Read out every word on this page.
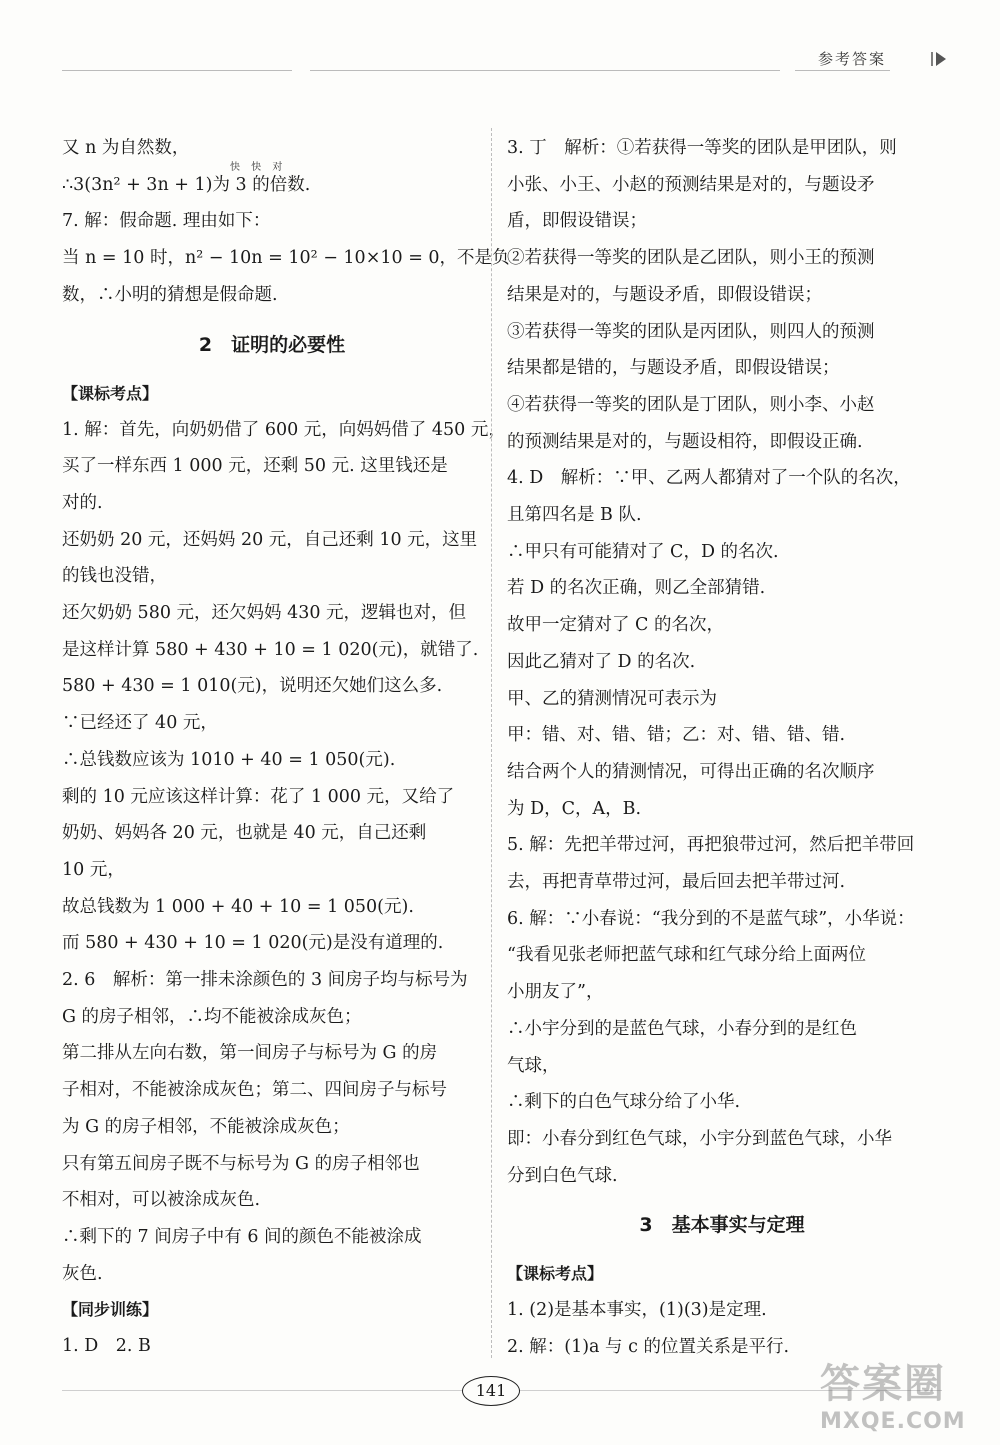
参考答案
快 快 对
又 n 为自然数，
∴3(3n² + 3n + 1)为 3 的倍数.
7. 解：假命题. 理由如下：
当 n = 10 时，n² − 10n = 10² − 10×10 = 0，不是负
数，∴小明的猜想是假命题.
2　证明的必要性
【课标考点】
1. 解：首先，向奶奶借了 600 元，向妈妈借了 450 元，
买了一样东西 1 000 元，还剩 50 元. 这里钱还是
对的.
还奶奶 20 元，还妈妈 20 元，自己还剩 10 元，这里
的钱也没错，
还欠奶奶 580 元，还欠妈妈 430 元，逻辑也对，但
是这样计算 580 + 430 + 10 = 1 020(元)，就错了.
580 + 430 = 1 010(元)，说明还欠她们这么多.
∵已经还了 40 元，
∴总钱数应该为 1010 + 40 = 1 050(元).
剩的 10 元应该这样计算：花了 1 000 元，又给了
奶奶、妈妈各 20 元，也就是 40 元，自己还剩
10 元，
故总钱数为 1 000 + 40 + 10 = 1 050(元).
而 580 + 430 + 10 = 1 020(元)是没有道理的.
2. 6　解析：第一排未涂颜色的 3 间房子均与标号为
G 的房子相邻，∴均不能被涂成灰色；
第二排从左向右数，第一间房子与标号为 G 的房
子相对，不能被涂成灰色；第二、四间房子与标号
为 G 的房子相邻，不能被涂成灰色；
只有第五间房子既不与标号为 G 的房子相邻也
不相对，可以被涂成灰色.
∴剩下的 7 间房子中有 6 间的颜色不能被涂成
灰色.
【同步训练】
1. D　2. B
3. 丁　解析：①若获得一等奖的团队是甲团队，则
小张、小王、小赵的预测结果是对的，与题设矛
盾，即假设错误；
②若获得一等奖的团队是乙团队，则小王的预测
结果是对的，与题设矛盾，即假设错误；
③若获得一等奖的团队是丙团队，则四人的预测
结果都是错的，与题设矛盾，即假设错误；
④若获得一等奖的团队是丁团队，则小李、小赵
的预测结果是对的，与题设相符，即假设正确.
4. D　解析：∵甲、乙两人都猜对了一个队的名次，
且第四名是 B 队.
∴甲只有可能猜对了 C，D 的名次.
若 D 的名次正确，则乙全部猜错.
故甲一定猜对了 C 的名次，
因此乙猜对了 D 的名次.
甲、乙的猜测情况可表示为
甲：错、对、错、错；乙：对、错、错、错.
结合两个人的猜测情况，可得出正确的名次顺序
为 D，C，A，B.
5. 解：先把羊带过河，再把狼带过河，然后把羊带回
去，再把青草带过河，最后回去把羊带过河.
6. 解：∵小春说：“我分到的不是蓝气球”，小华说：
“我看见张老师把蓝气球和红气球分给上面两位
小朋友了”，
∴小宇分到的是蓝色气球，小春分到的是红色
气球，
∴剩下的白色气球分给了小华.
即：小春分到红色气球，小宇分到蓝色气球，小华
分到白色气球.
3　基本事实与定理
【课标考点】
1. (2)是基本事实，(1)(3)是定理.
2. 解：(1)a 与 c 的位置关系是平行.
141	答案圈
MXQE.COM
